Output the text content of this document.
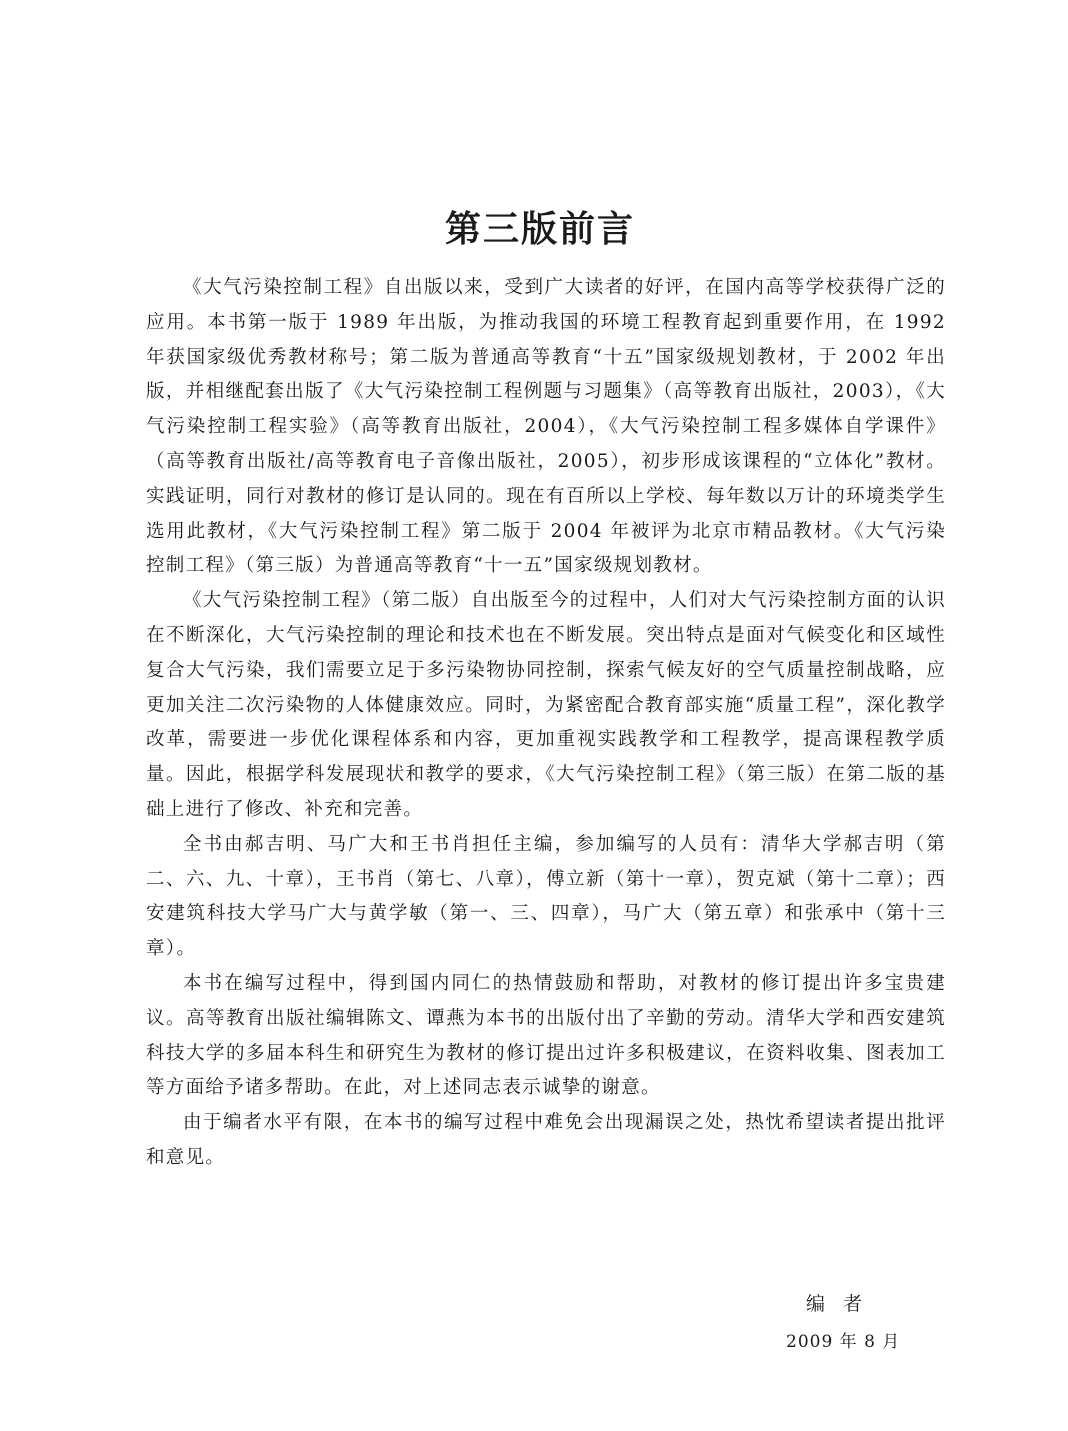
第三版前言

《大气污染控制工程》自出版以来，受到广大读者的好评，在国内高等学校获得广泛的应用。本书第一版于 1989 年出版，为推动我国的环境工程教育起到重要作用，在 1992 年获国家级优秀教材称号；第二版为普通高等教育“十五”国家级规划教材，于 2002 年出版，并相继配套出版了《大气污染控制工程例题与习题集》（高等教育出版社，2003），《大气污染控制工程实验》（高等教育出版社，2004），《大气污染控制工程多媒体自学课件》（高等教育出版社/高等教育电子音像出版社，2005），初步形成该课程的“立体化”教材。实践证明，同行对教材的修订是认同的。现在有百所以上学校、每年数以万计的环境类学生选用此教材，《大气污染控制工程》第二版于 2004 年被评为北京市精品教材。《大气污染控制工程》（第三版）为普通高等教育“十一五”国家级规划教材。

《大气污染控制工程》（第二版）自出版至今的过程中，人们对大气污染控制方面的认识在不断深化，大气污染控制的理论和技术也在不断发展。突出特点是面对气候变化和区域性复合大气污染，我们需要立足于多污染物协同控制，探索气候友好的空气质量控制战略，应更加关注二次污染物的人体健康效应。同时，为紧密配合教育部实施“质量工程”，深化教学改革，需要进一步优化课程体系和内容，更加重视实践教学和工程教学，提高课程教学质量。因此，根据学科发展现状和教学的要求，《大气污染控制工程》（第三版）在第二版的基础上进行了修改、补充和完善。

全书由郝吉明、马广大和王书肖担任主编，参加编写的人员有：清华大学郝吉明（第二、六、九、十章），王书肖（第七、八章），傅立新（第十一章），贺克斌（第十二章）；西安建筑科技大学马广大与黄学敏（第一、三、四章），马广大（第五章）和张承中（第十三章）。

本书在编写过程中，得到国内同仁的热情鼓励和帮助，对教材的修订提出许多宝贵建议。高等教育出版社编辑陈文、谭燕为本书的出版付出了辛勤的劳动。清华大学和西安建筑科技大学的多届本科生和研究生为教材的修订提出过许多积极建议，在资料收集、图表加工等方面给予诸多帮助。在此，对上述同志表示诚挚的谢意。

由于编者水平有限，在本书的编写过程中难免会出现漏误之处，热忱希望读者提出批评和意见。

编者
2009 年 8 月
